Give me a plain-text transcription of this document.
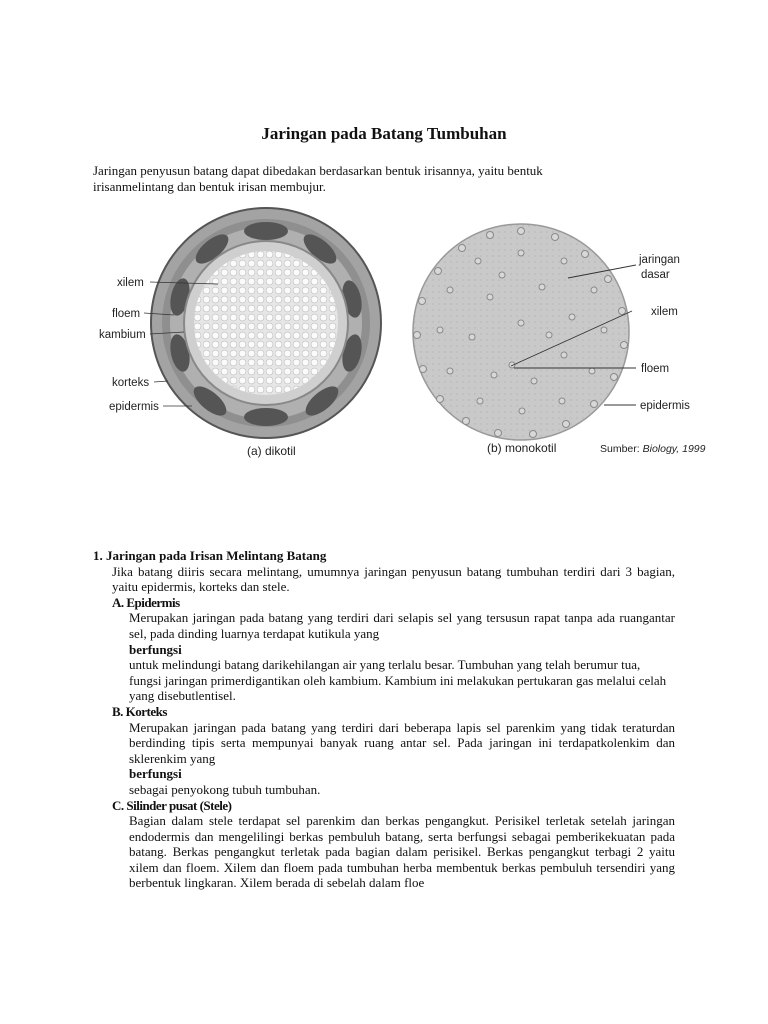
Jaringan pada Batang Tumbuhan

Jaringan penyusun batang dapat dibedakan berdasarkan bentuk irisannya, yaitu bentuk irisanmelintang dan bentuk irisan membujur.

xilem
floem
kambium
korteks
epidermis
(a) dikotil
jaringan
dasar
xilem
floem
epidermis
(b) monokotil	Sumber: Biology, 1999

1. Jaringan pada Irisan Melintang Batang

Jika batang diiris secara melintang, umumnya jaringan penyusun batang tumbuhan terdiri dari 3 bagian, yaitu epidermis, korteks dan stele.

A. Epidermis

Merupakan jaringan pada batang yang terdiri dari selapis sel yang tersusun rapat tanpa ada ruangantar sel, pada dinding luarnya terdapat kutikula yang

berfungsi

untuk melindungi batang darikehilangan air yang terlalu besar. Tumbuhan yang telah berumur tua, fungsi jaringan primerdigantikan oleh kambium. Kambium ini melakukan pertukaran gas melalui celah yang disebutlentisel.

B. Korteks

Merupakan jaringan pada batang yang terdiri dari beberapa lapis sel parenkim yang tidak teraturdan berdinding tipis serta mempunyai banyak ruang antar sel. Pada jaringan ini terdapatkolenkim dan sklerenkim yang

berfungsi

sebagai penyokong tubuh tumbuhan.

C. Silinder pusat (Stele)

Bagian dalam stele terdapat sel parenkim dan berkas pengangkut. Perisikel terletak setelah jaringan endodermis dan mengelilingi berkas pembuluh batang, serta berfungsi sebagai pemberikekuatan pada batang. Berkas pengangkut terletak pada bagian dalam perisikel. Berkas pengangkut terbagi 2 yaitu xilem dan floem. Xilem dan floem pada tumbuhan herba membentuk berkas pembuluh tersendiri yang berbentuk lingkaran. Xilem berada di sebelah dalam floe
